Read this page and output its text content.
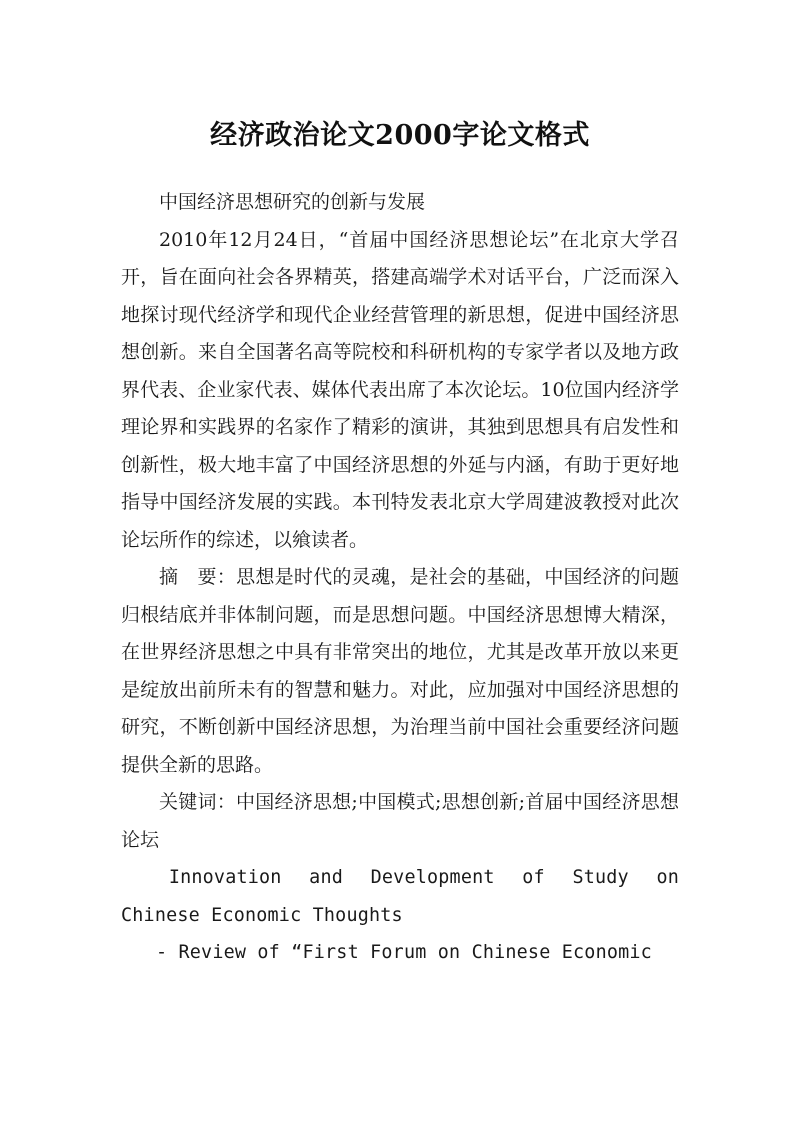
经济政治论文2000字论文格式

中国经济思想研究的创新与发展

2010年12月24日，“首届中国经济思想论坛”在北京大学召开，旨在面向社会各界精英，搭建高端学术对话平台，广泛而深入地探讨现代经济学和现代企业经营管理的新思想，促进中国经济思想创新。来自全国著名高等院校和科研机构的专家学者以及地方政界代表、企业家代表、媒体代表出席了本次论坛。10位国内经济学理论界和实践界的名家作了精彩的演讲，其独到思想具有启发性和创新性，极大地丰富了中国经济思想的外延与内涵，有助于更好地指导中国经济发展的实践。本刊特发表北京大学周建波教授对此次论坛所作的综述，以飨读者。

摘　要：思想是时代的灵魂，是社会的基础，中国经济的问题归根结底并非体制问题，而是思想问题。中国经济思想博大精深，在世界经济思想之中具有非常突出的地位，尤其是改革开放以来更是绽放出前所未有的智慧和魅力。对此，应加强对中国经济思想的研究，不断创新中国经济思想，为治理当前中国社会重要经济问题提供全新的思路。

关键词：中国经济思想;中国模式;思想创新;首届中国经济思想论坛

Innovation and Development of Study on Chinese Economic Thoughts

- Review of “First Forum on Chinese Economic
